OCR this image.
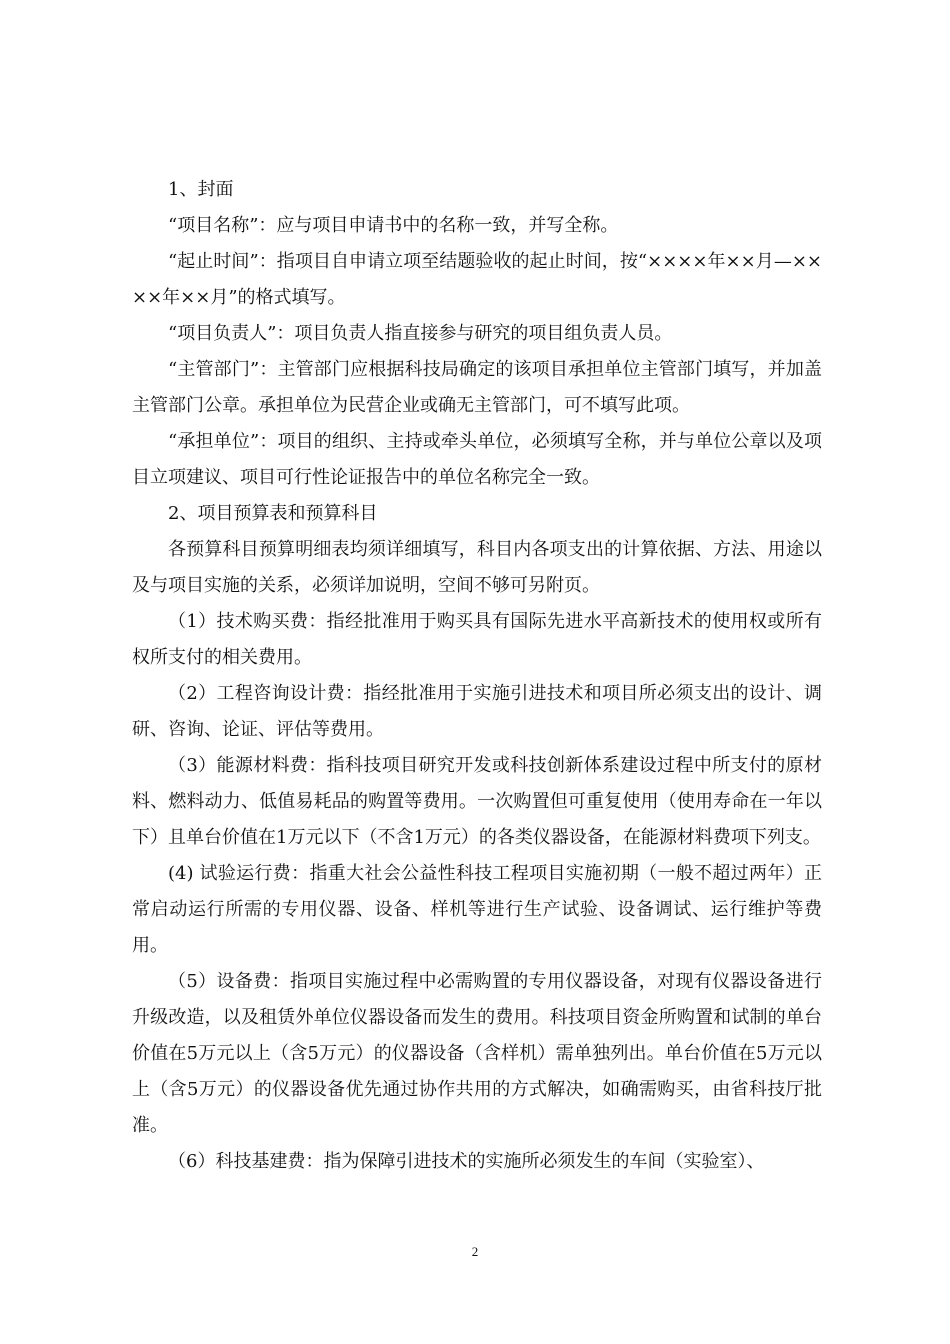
1、封面

“项目名称”：应与项目申请书中的名称一致，并写全称。

“起止时间”：指项目自申请立项至结题验收的起止时间，按“××××年××月—××××年××月”的格式填写。

“项目负责人”：项目负责人指直接参与研究的项目组负责人员。

“主管部门”：主管部门应根据科技局确定的该项目承担单位主管部门填写，并加盖主管部门公章。承担单位为民营企业或确无主管部门，可不填写此项。

“承担单位”：项目的组织、主持或牵头单位，必须填写全称，并与单位公章以及项目立项建议、项目可行性论证报告中的单位名称完全一致。

2、项目预算表和预算科目

各预算科目预算明细表均须详细填写，科目内各项支出的计算依据、方法、用途以及与项目实施的关系，必须详加说明，空间不够可另附页。

（1）技术购买费：指经批准用于购买具有国际先进水平高新技术的使用权或所有权所支付的相关费用。

（2）工程咨询设计费：指经批准用于实施引进技术和项目所必须支出的设计、调研、咨询、论证、评估等费用。

（3）能源材料费：指科技项目研究开发或科技创新体系建设过程中所支付的原材料、燃料动力、低值易耗品的购置等费用。一次购置但可重复使用（使用寿命在一年以下）且单台价值在1万元以下（不含1万元）的各类仪器设备，在能源材料费项下列支。

(4) 试验运行费：指重大社会公益性科技工程项目实施初期（一般不超过两年）正常启动运行所需的专用仪器、设备、样机等进行生产试验、设备调试、运行维护等费用。

（5）设备费：指项目实施过程中必需购置的专用仪器设备，对现有仪器设备进行升级改造，以及租赁外单位仪器设备而发生的费用。科技项目资金所购置和试制的单台价值在5万元以上（含5万元）的仪器设备（含样机）需单独列出。单台价值在5万元以上（含5万元）的仪器设备优先通过协作共用的方式解决，如确需购买，由省科技厅批准。

（6）科技基建费：指为保障引进技术的实施所必须发生的车间（实验室）、

2
